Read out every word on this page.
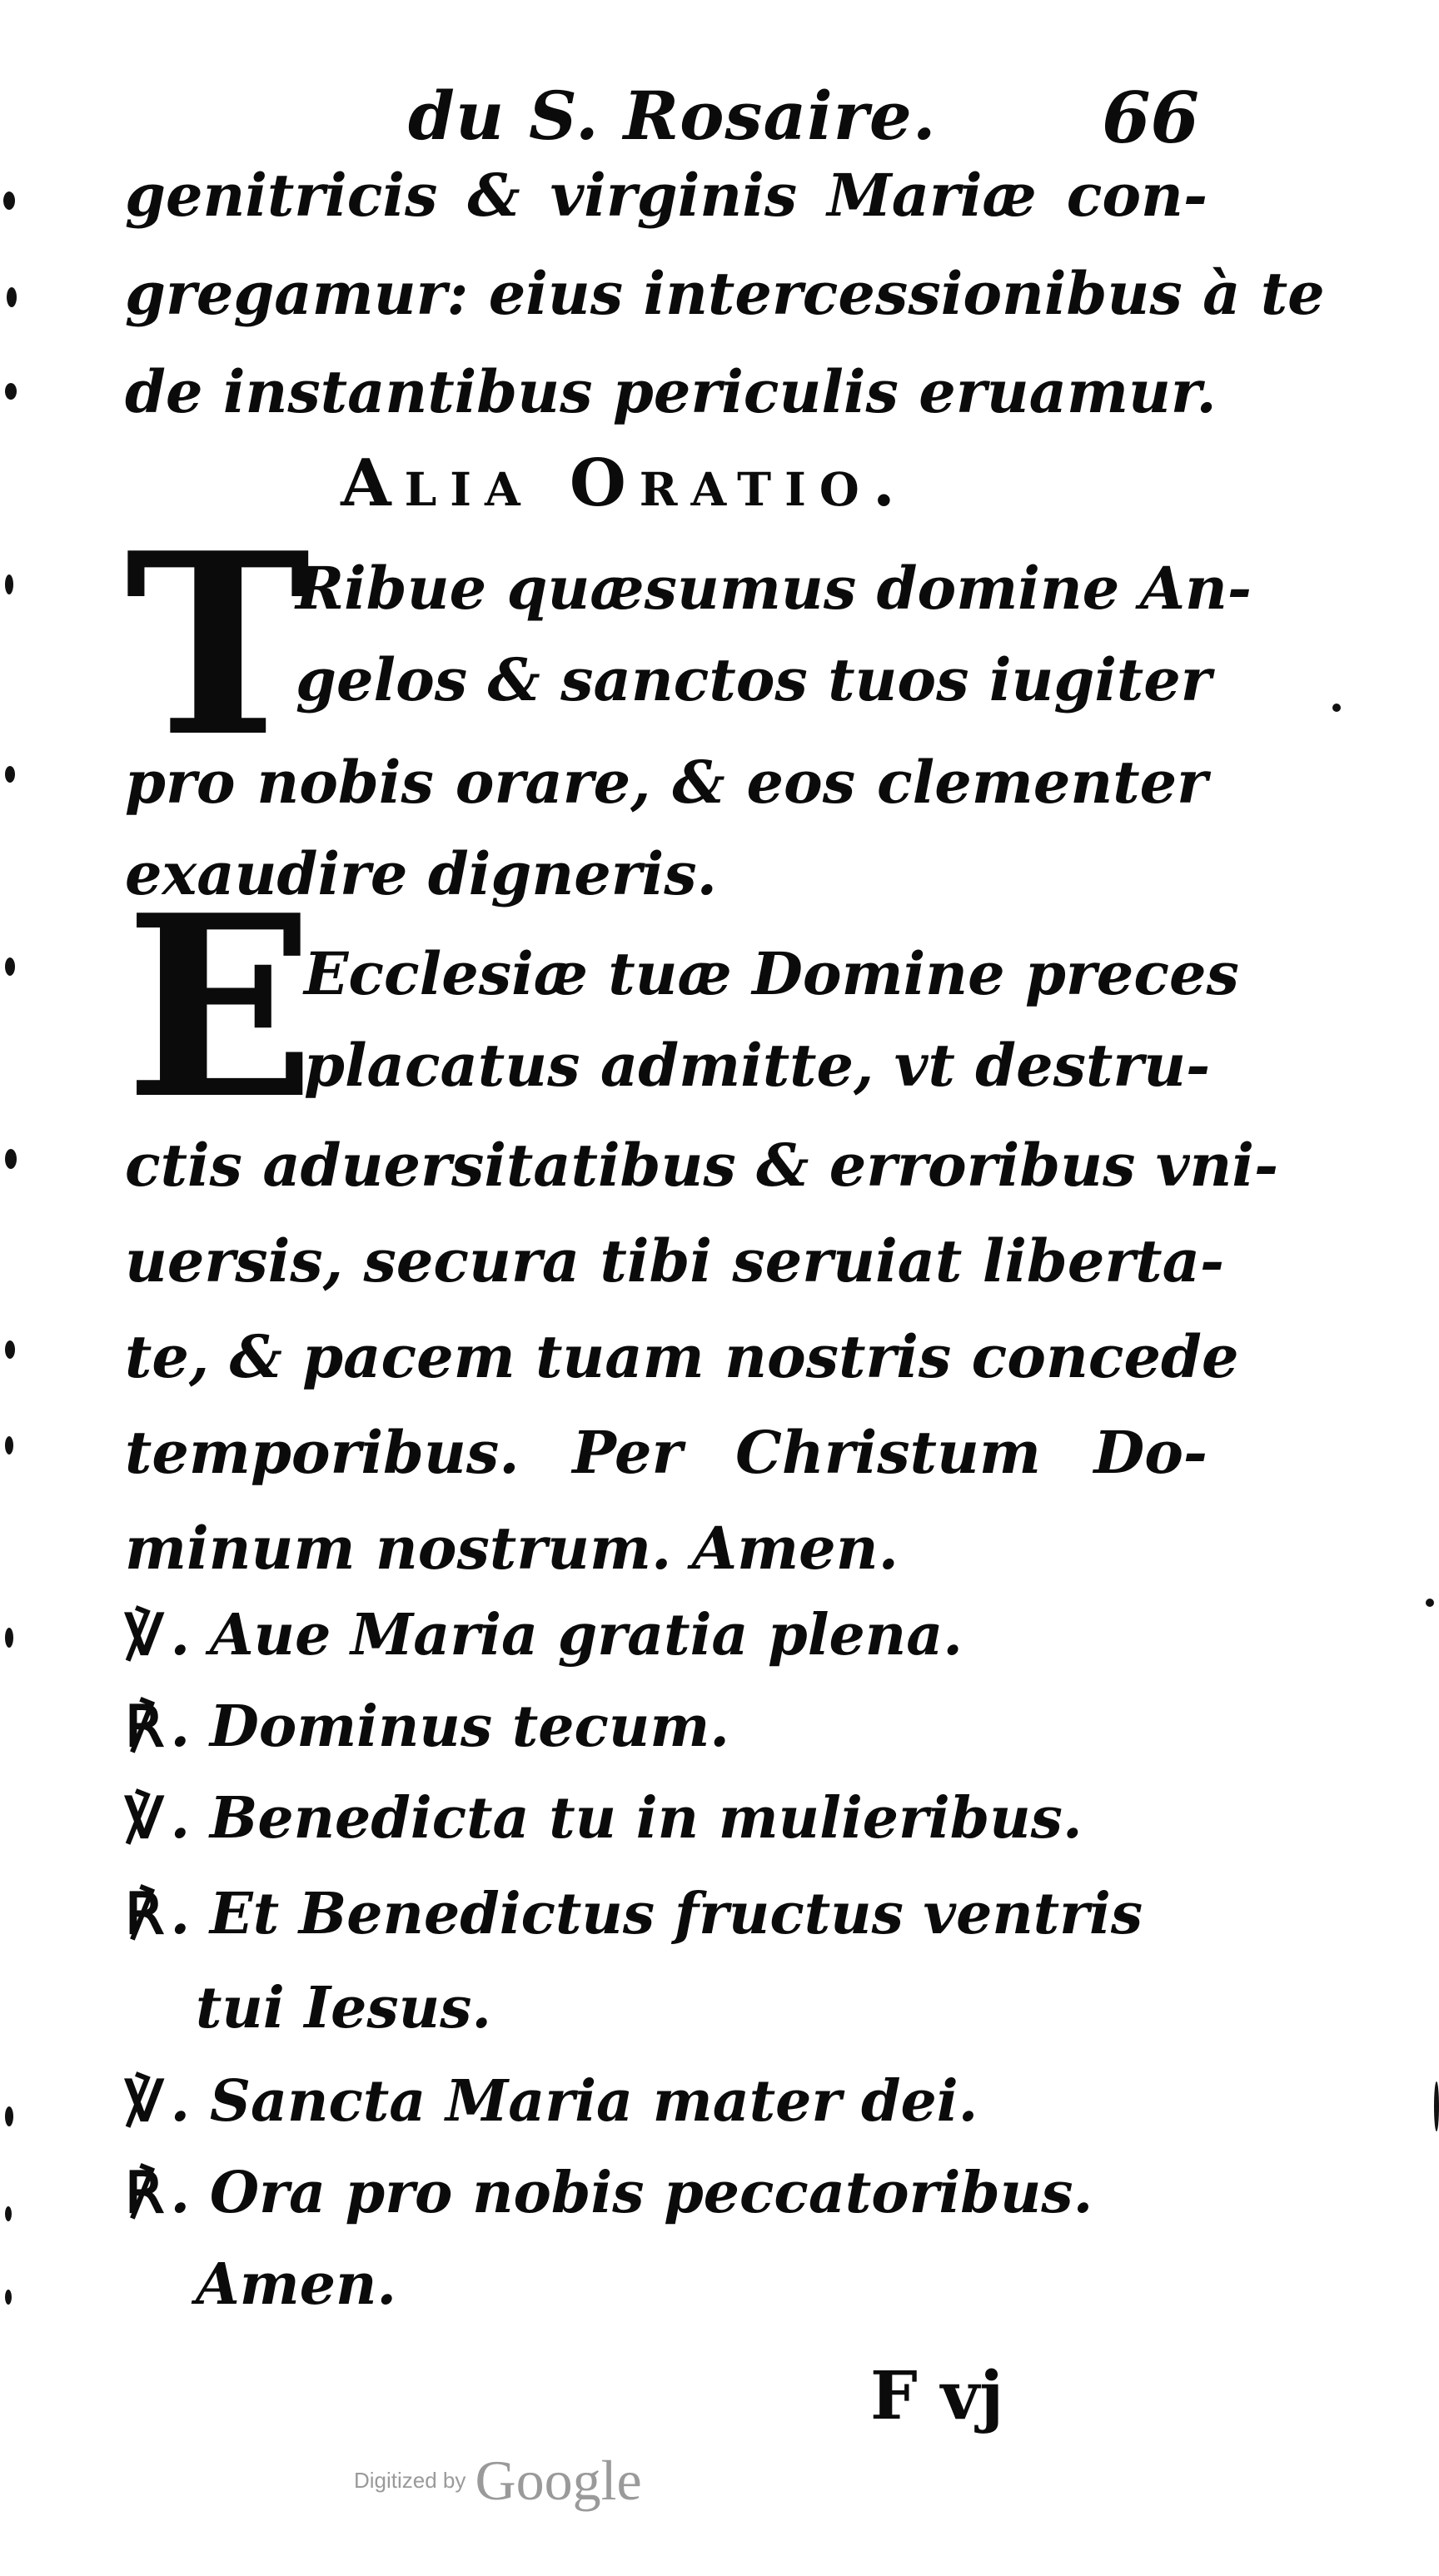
du S. Rosaire. 66
genitricis & virginis Mariæ con-
gregamur: eius intercessionibus à te
de instantibus periculis eruamur.
Alia Oratio.
T
Ribue quæsumus domine An-
gelos & sanctos tuos iugiter
pro nobis orare, & eos clementer
exaudire digneris.
E
Ecclesiæ tuæ Domine preces
placatus admitte, vt destru-
ctis aduersitatibus & erroribus vni-
uersis, secura tibi seruiat liberta-
te, & pacem tuam nostris concede
temporibus. Per Christum Do-
minum nostrum. Amen.
℣ . Aue Maria gratia plena.
℟ . Dominus tecum.
℣ . Benedicta tu in mulieribus.
℟ . Et Benedictus fructus ventris
tui Iesus.
℣ . Sancta Maria mater dei.
℟ . Ora pro nobis peccatoribus.
Amen.
F vj
Digitized by Google
